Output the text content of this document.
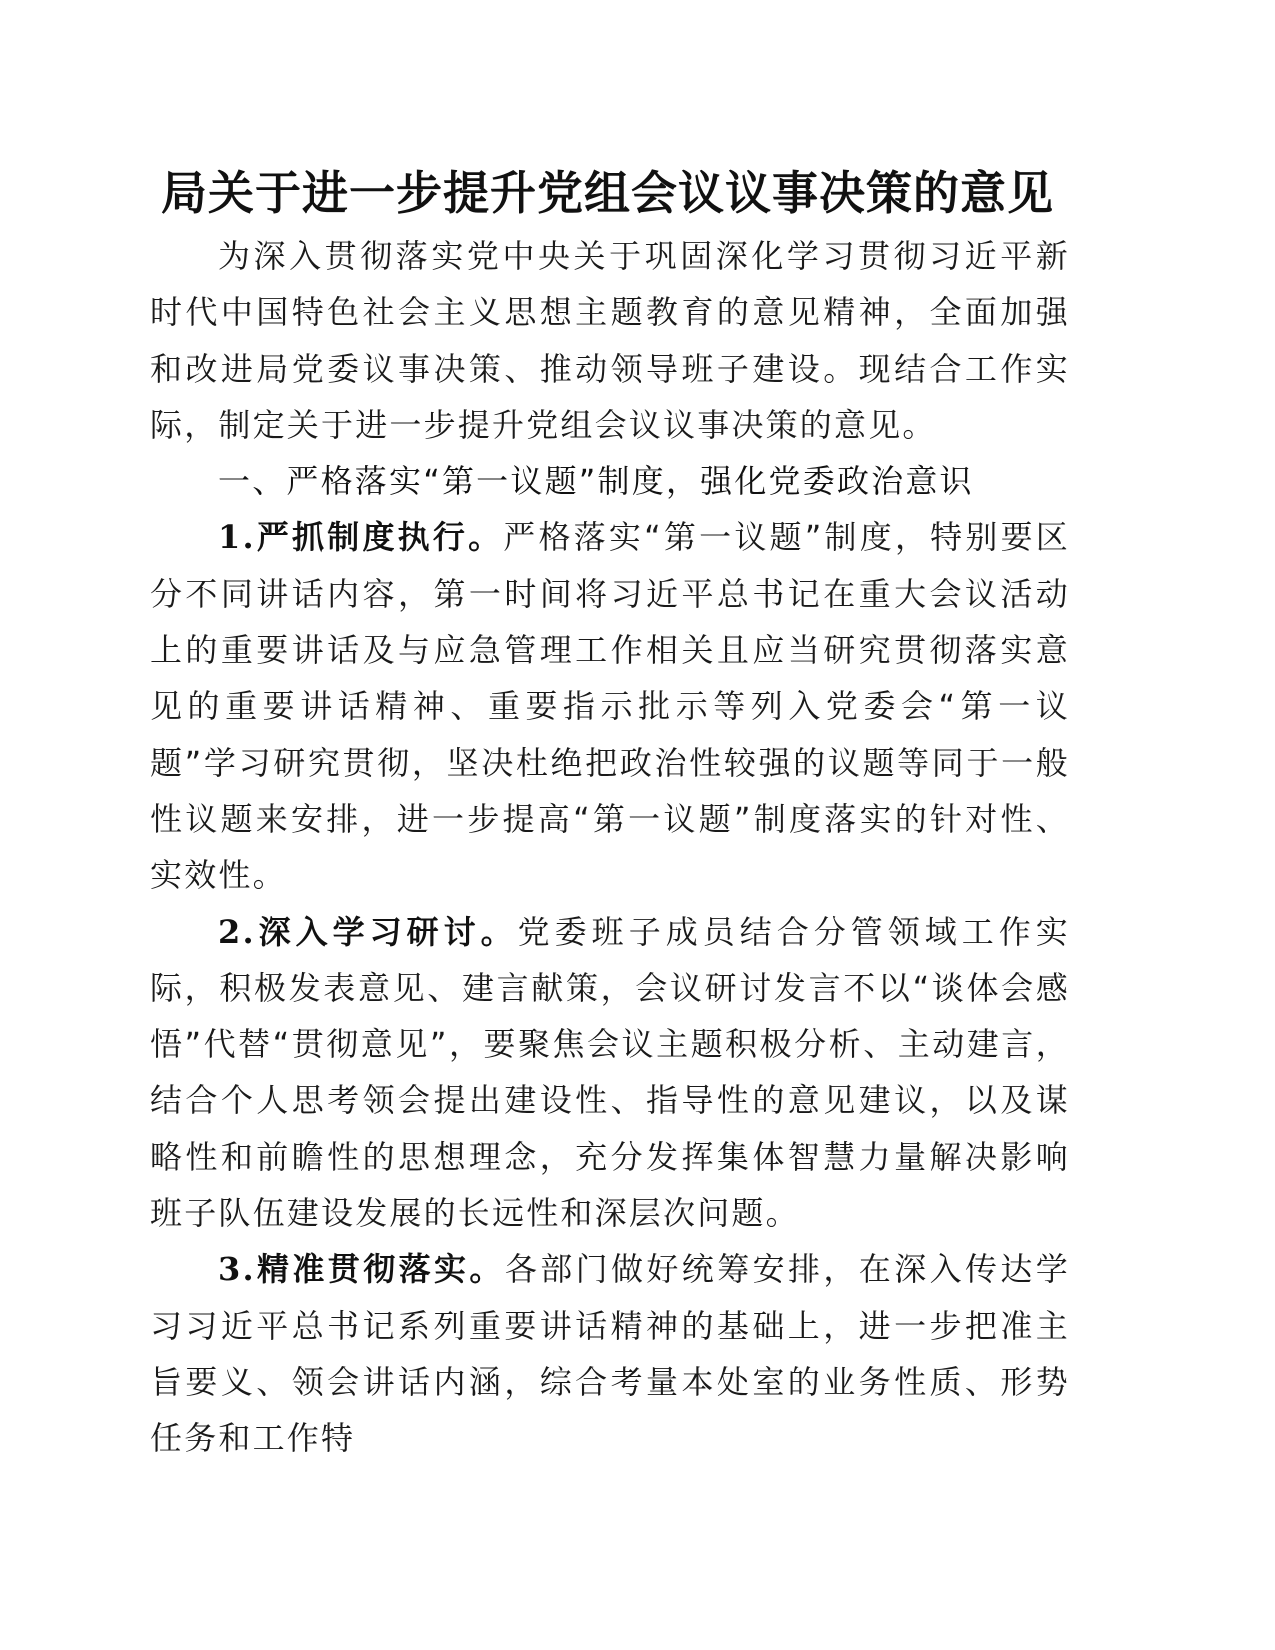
局关于进一步提升党组会议议事决策的意见

为深入贯彻落实党中央关于巩固深化学习贯彻习近平新时代中国特色社会主义思想主题教育的意见精神，全面加强和改进局党委议事决策、推动领导班子建设。现结合工作实际，制定关于进一步提升党组会议议事决策的意见。

一、严格落实“第一议题”制度，强化党委政治意识

1.严抓制度执行。严格落实“第一议题”制度，特别要区分不同讲话内容，第一时间将习近平总书记在重大会议活动上的重要讲话及与应急管理工作相关且应当研究贯彻落实意见的重要讲话精神、重要指示批示等列入党委会“第一议题”学习研究贯彻，坚决杜绝把政治性较强的议题等同于一般性议题来安排，进一步提高“第一议题”制度落实的针对性、实效性。

2.深入学习研讨。党委班子成员结合分管领域工作实际，积极发表意见、建言献策，会议研讨发言不以“谈体会感悟”代替“贯彻意见”，要聚焦会议主题积极分析、主动建言，结合个人思考领会提出建设性、指导性的意见建议，以及谋略性和前瞻性的思想理念，充分发挥集体智慧力量解决影响班子队伍建设发展的长远性和深层次问题。

3.精准贯彻落实。各部门做好统筹安排，在深入传达学习习近平总书记系列重要讲话精神的基础上，进一步把准主旨要义、领会讲话内涵，综合考量本处室的业务性质、形势任务和工作特
